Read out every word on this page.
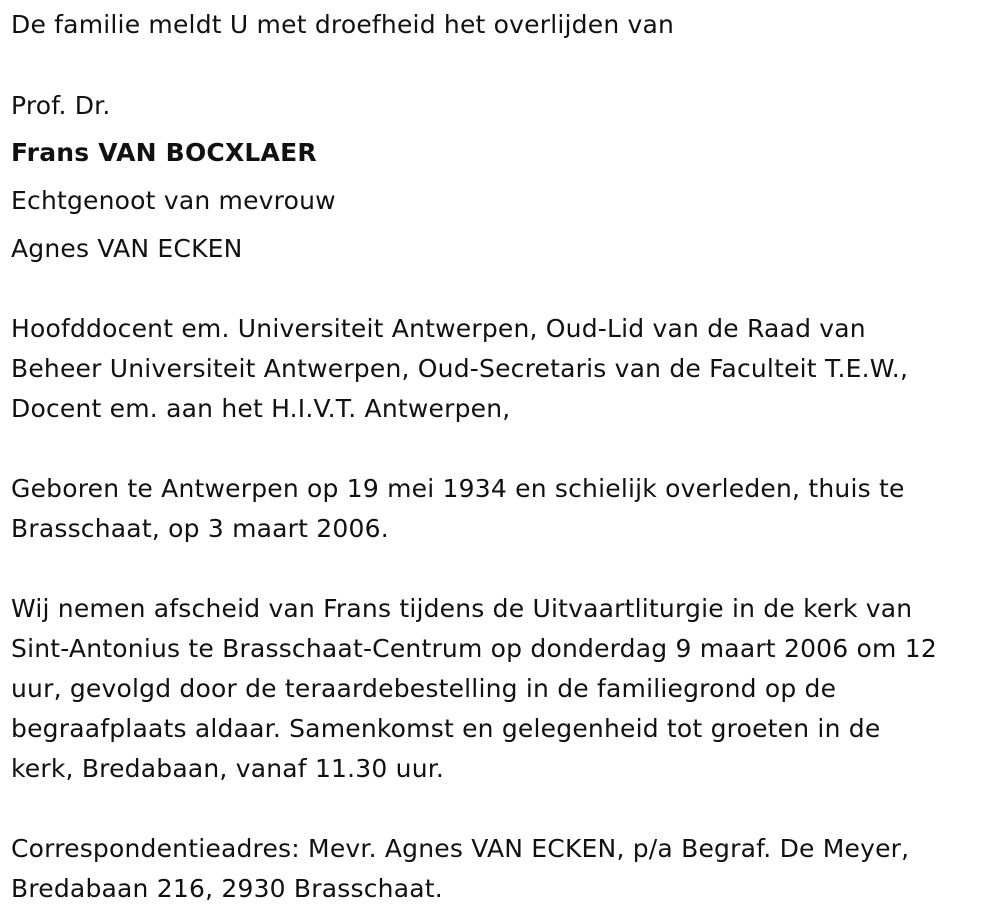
De familie meldt U met droefheid het overlijden van
Prof. Dr.
Frans VAN BOCXLAER
Echtgenoot van mevrouw
Agnes VAN ECKEN
Hoofddocent em. Universiteit Antwerpen, Oud-Lid van de Raad van
Beheer Universiteit Antwerpen, Oud-Secretaris van de Faculteit T.E.W.,
Docent em. aan het H.I.V.T. Antwerpen,
Geboren te Antwerpen op 19 mei 1934 en schielijk overleden, thuis te
Brasschaat, op 3 maart 2006.
Wij nemen afscheid van Frans tijdens de Uitvaartliturgie in de kerk van
Sint-Antonius te Brasschaat-Centrum op donderdag 9 maart 2006 om 12
uur, gevolgd door de teraardebestelling in de familiegrond op de
begraafplaats aldaar. Samenkomst en gelegenheid tot groeten in de
kerk, Bredabaan, vanaf 11.30 uur.
Correspondentieadres: Mevr. Agnes VAN ECKEN, p/a Begraf. De Meyer,
Bredabaan 216, 2930 Brasschaat.
